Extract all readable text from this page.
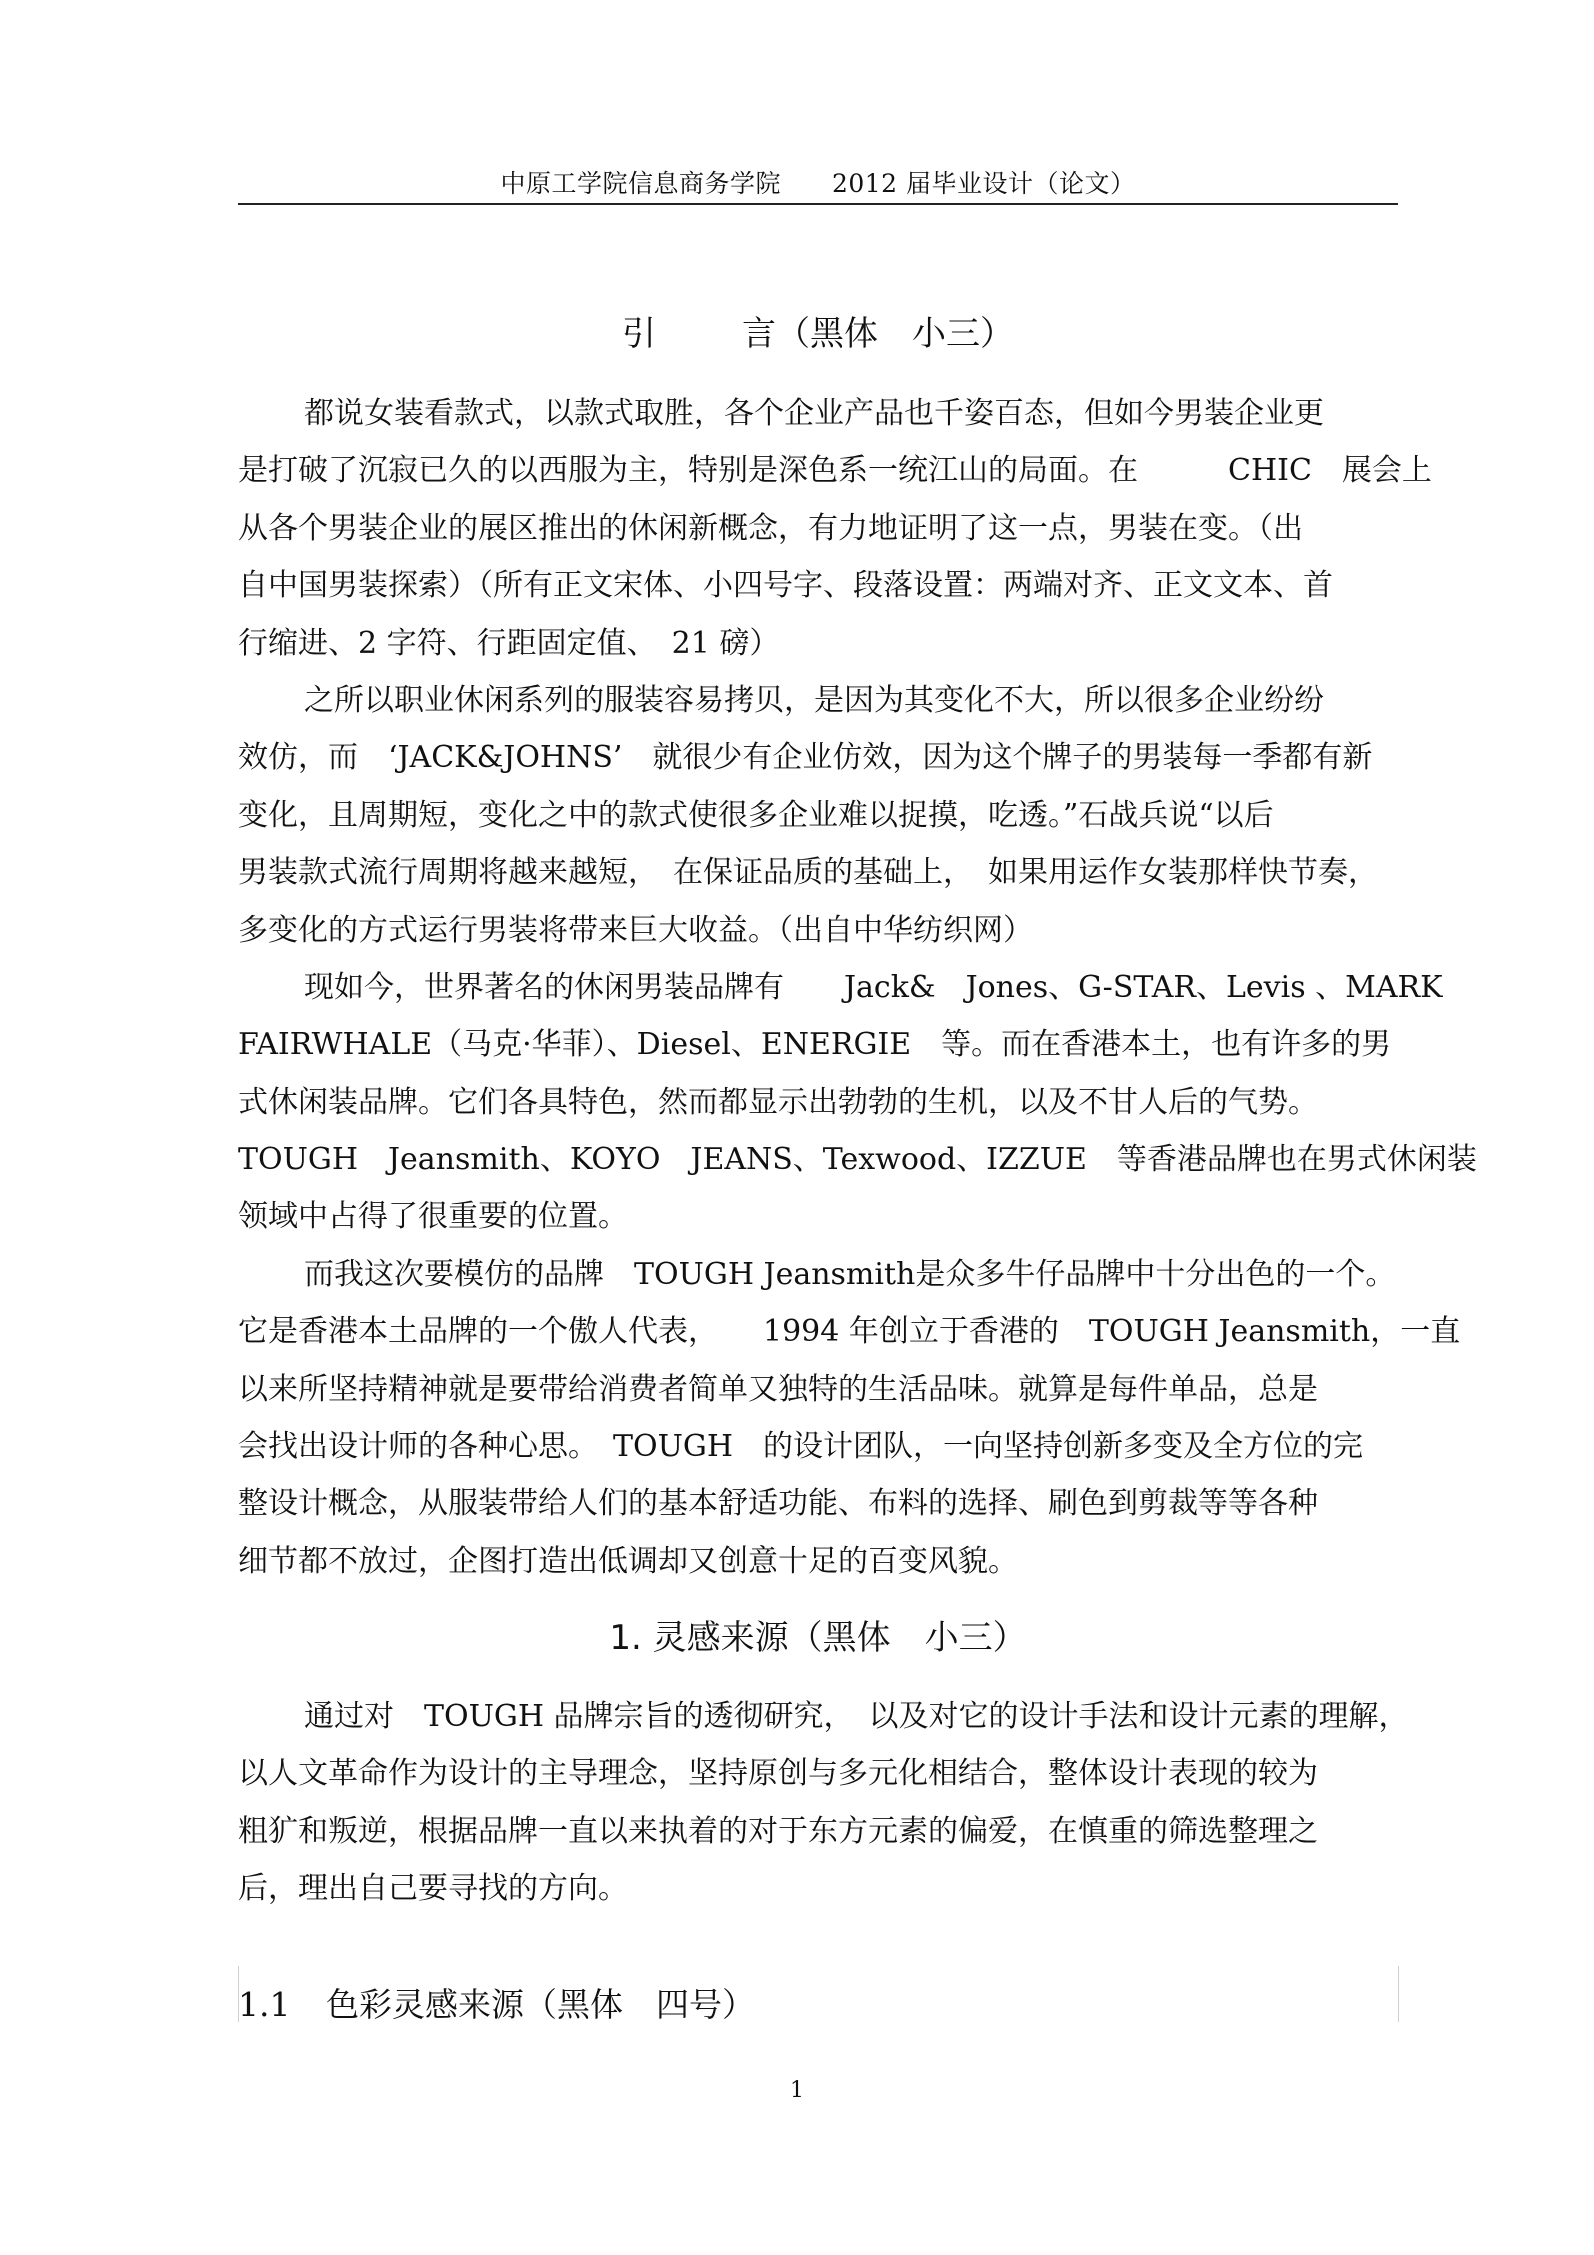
中原工学院信息商务学院　　2012 届毕业设计（论文）
引	言（黑体　小三）
都说女装看款式，以款式取胜，各个企业产品也千姿百态，但如今男装企业更
是打破了沉寂已久的以西服为主，特别是深色系一统江山的局面。在　　　CHIC　展会上
从各个男装企业的展区推出的休闲新概念，有力地证明了这一点，男装在变。（出
自中国男装探索）（所有正文宋体、小四号字、段落设置：两端对齐、正文文本、首
行缩进、2 字符、行距固定值、　21 磅）
之所以职业休闲系列的服装容易拷贝，是因为其变化不大，所以很多企业纷纷
效仿，而　‘JACK&JOHNS’　就很少有企业仿效，因为这个牌子的男装每一季都有新
变化，且周期短，变化之中的款式使很多企业难以捉摸，吃透。”石战兵说“以后
男装款式流行周期将越来越短，　在保证品质的基础上，　如果用运作女装那样快节奏，
多变化的方式运行男装将带来巨大收益。（出自中华纺织网）
现如今，世界著名的休闲男装品牌有　　Jack&　Jones、G-STAR、Levis 、MARK
FAIRWHALE（马克·华菲）、Diesel、ENERGIE　等。而在香港本土，也有许多的男
式休闲装品牌。它们各具特色，然而都显示出勃勃的生机，以及不甘人后的气势。
TOUGH　Jeansmith、KOYO　JEANS、Texwood、IZZUE　等香港品牌也在男式休闲装
领域中占得了很重要的位置。
而我这次要模仿的品牌　TOUGH Jeansmith是众多牛仔品牌中十分出色的一个。
它是香港本土品牌的一个傲人代表，　　1994 年创立于香港的　TOUGH Jeansmith，一直
以来所坚持精神就是要带给消费者简单又独特的生活品味。就算是每件单品，总是
会找出设计师的各种心思。　TOUGH　的设计团队，一向坚持创新多变及全方位的完
整设计概念，从服装带给人们的基本舒适功能、布料的选择、刷色到剪裁等等各种
细节都不放过，企图打造出低调却又创意十足的百变风貌。
1. 灵感来源（黑体　小三）
通过对　TOUGH 品牌宗旨的透彻研究，　以及对它的设计手法和设计元素的理解，
以人文革命作为设计的主导理念，坚持原创与多元化相结合，整体设计表现的较为
粗犷和叛逆，根据品牌一直以来执着的对于东方元素的偏爱，在慎重的筛选整理之
后，理出自己要寻找的方向。
1.1 色彩灵感来源（黑体　四号）
1
